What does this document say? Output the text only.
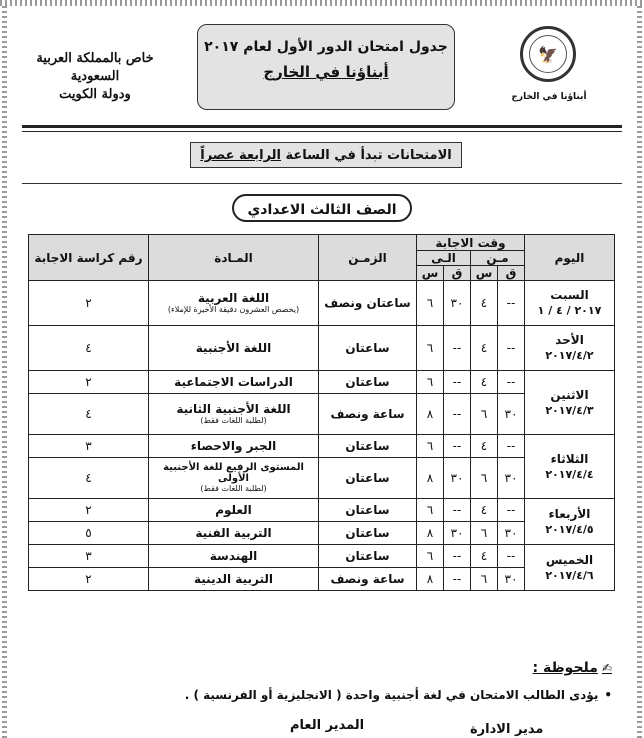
خاص بالمملكة العربية السعودية
ودولة الكويت
جدول امتحان الدور الأول لعام ٢٠١٧
أبناؤنا في الخارج
🦅
أبناؤنا في الخارج
الامتحانات تبدأ في الساعة الرابعة عصراً
الصف الثالث الاعدادي
اليوم	وقت الاجابة				الزمـن	المـادة	رقم كراسة الاجابة
	مـن		الـى				
	ق	س	ق	س			

السبت
٢٠١٧ / ٤ / ١	--	٤	٣٠	٦	ساعتان ونصف	اللغة العربية
(يخصص العشرون دقيقة الأخيرة للإملاء)	٢

الأحد
٢٠١٧/٤/٢	--	٤	--	٦	ساعتان	اللغة الأجنبية	٤

الاثنين
٢٠١٧/٤/٣	--	٤	--	٦	ساعتان	الدراسات الاجتماعية	٢
	٣٠	٦	--	٨	ساعة ونصف	اللغة الأجنبية الثانية
(لطلبة اللغات فقط)	٤

الثلاثاء
٢٠١٧/٤/٤	--	٤	--	٦	ساعتان	الجبر والاحصاء	٣
	٣٠	٦	٣٠	٨	ساعتان	المستوى الرفيع للغة الأجنبية الأولى
(لطلبة اللغات فقط)	٤

الأربعاء
٢٠١٧/٤/٥	--	٤	--	٦	ساعتان	العلوم	٢
	٣٠	٦	٣٠	٨	ساعتان	التربية الفنية	٥

الخميس
٢٠١٧/٤/٦	--	٤	--	٦	ساعتان	الهندسة	٣
	٣٠	٦	--	٨	ساعة ونصف	التربية الدينية	٢
✍ملحوظة :
•يؤدى الطالب الامتحان في لغة أجنبية واحدة ( الانجليزية أو الفرنسية ) .
مدير الادارة
المدير العام
